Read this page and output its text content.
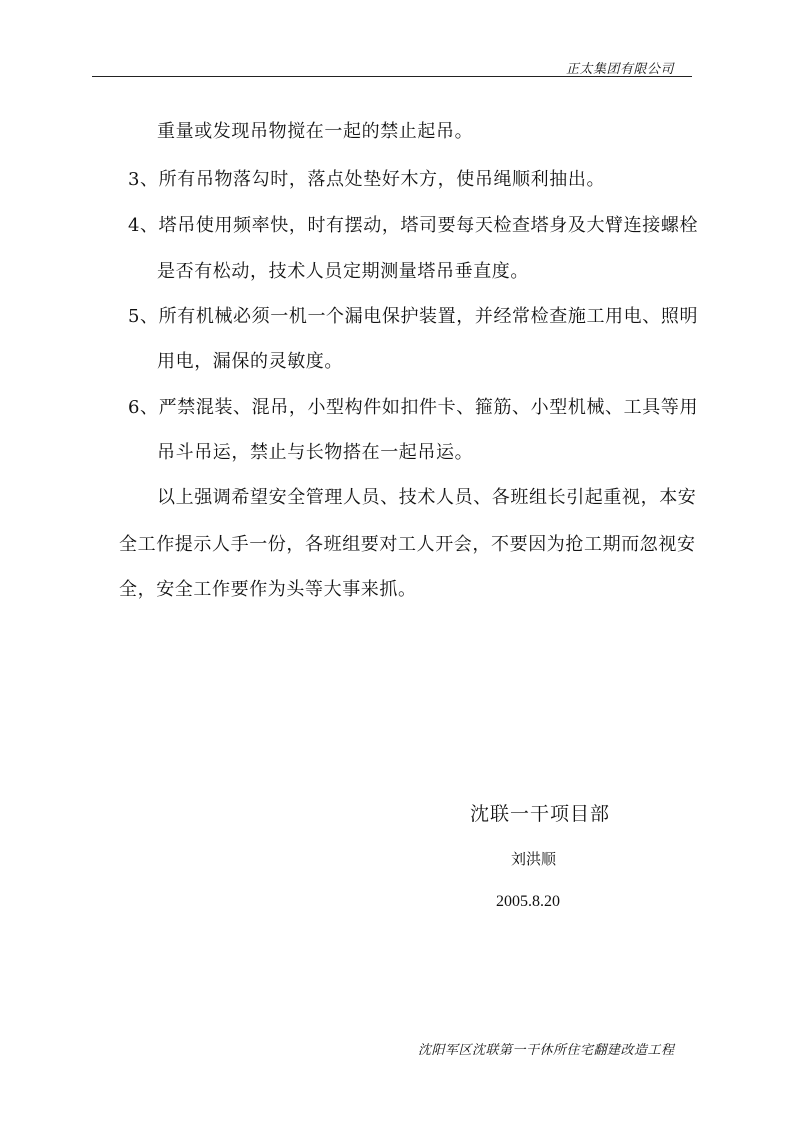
正太集团有限公司
重量或发现吊物搅在一起的禁止起吊。
3、所有吊物落勾时，落点处垫好木方，使吊绳顺利抽出。
4、塔吊使用频率快，时有摆动，塔司要每天检查塔身及大臂连接螺栓
是否有松动，技术人员定期测量塔吊垂直度。
5、所有机械必须一机一个漏电保护装置，并经常检查施工用电、照明
用电，漏保的灵敏度。
6、严禁混装、混吊，小型构件如扣件卡、箍筋、小型机械、工具等用
吊斗吊运，禁止与长物搭在一起吊运。
以上强调希望安全管理人员、技术人员、各班组长引起重视，本安
全工作提示人手一份，各班组要对工人开会，不要因为抢工期而忽视安
全，安全工作要作为头等大事来抓。
沈联一干项目部
刘洪顺
2005.8.20
沈阳军区沈联第一干休所住宅翻建改造工程
